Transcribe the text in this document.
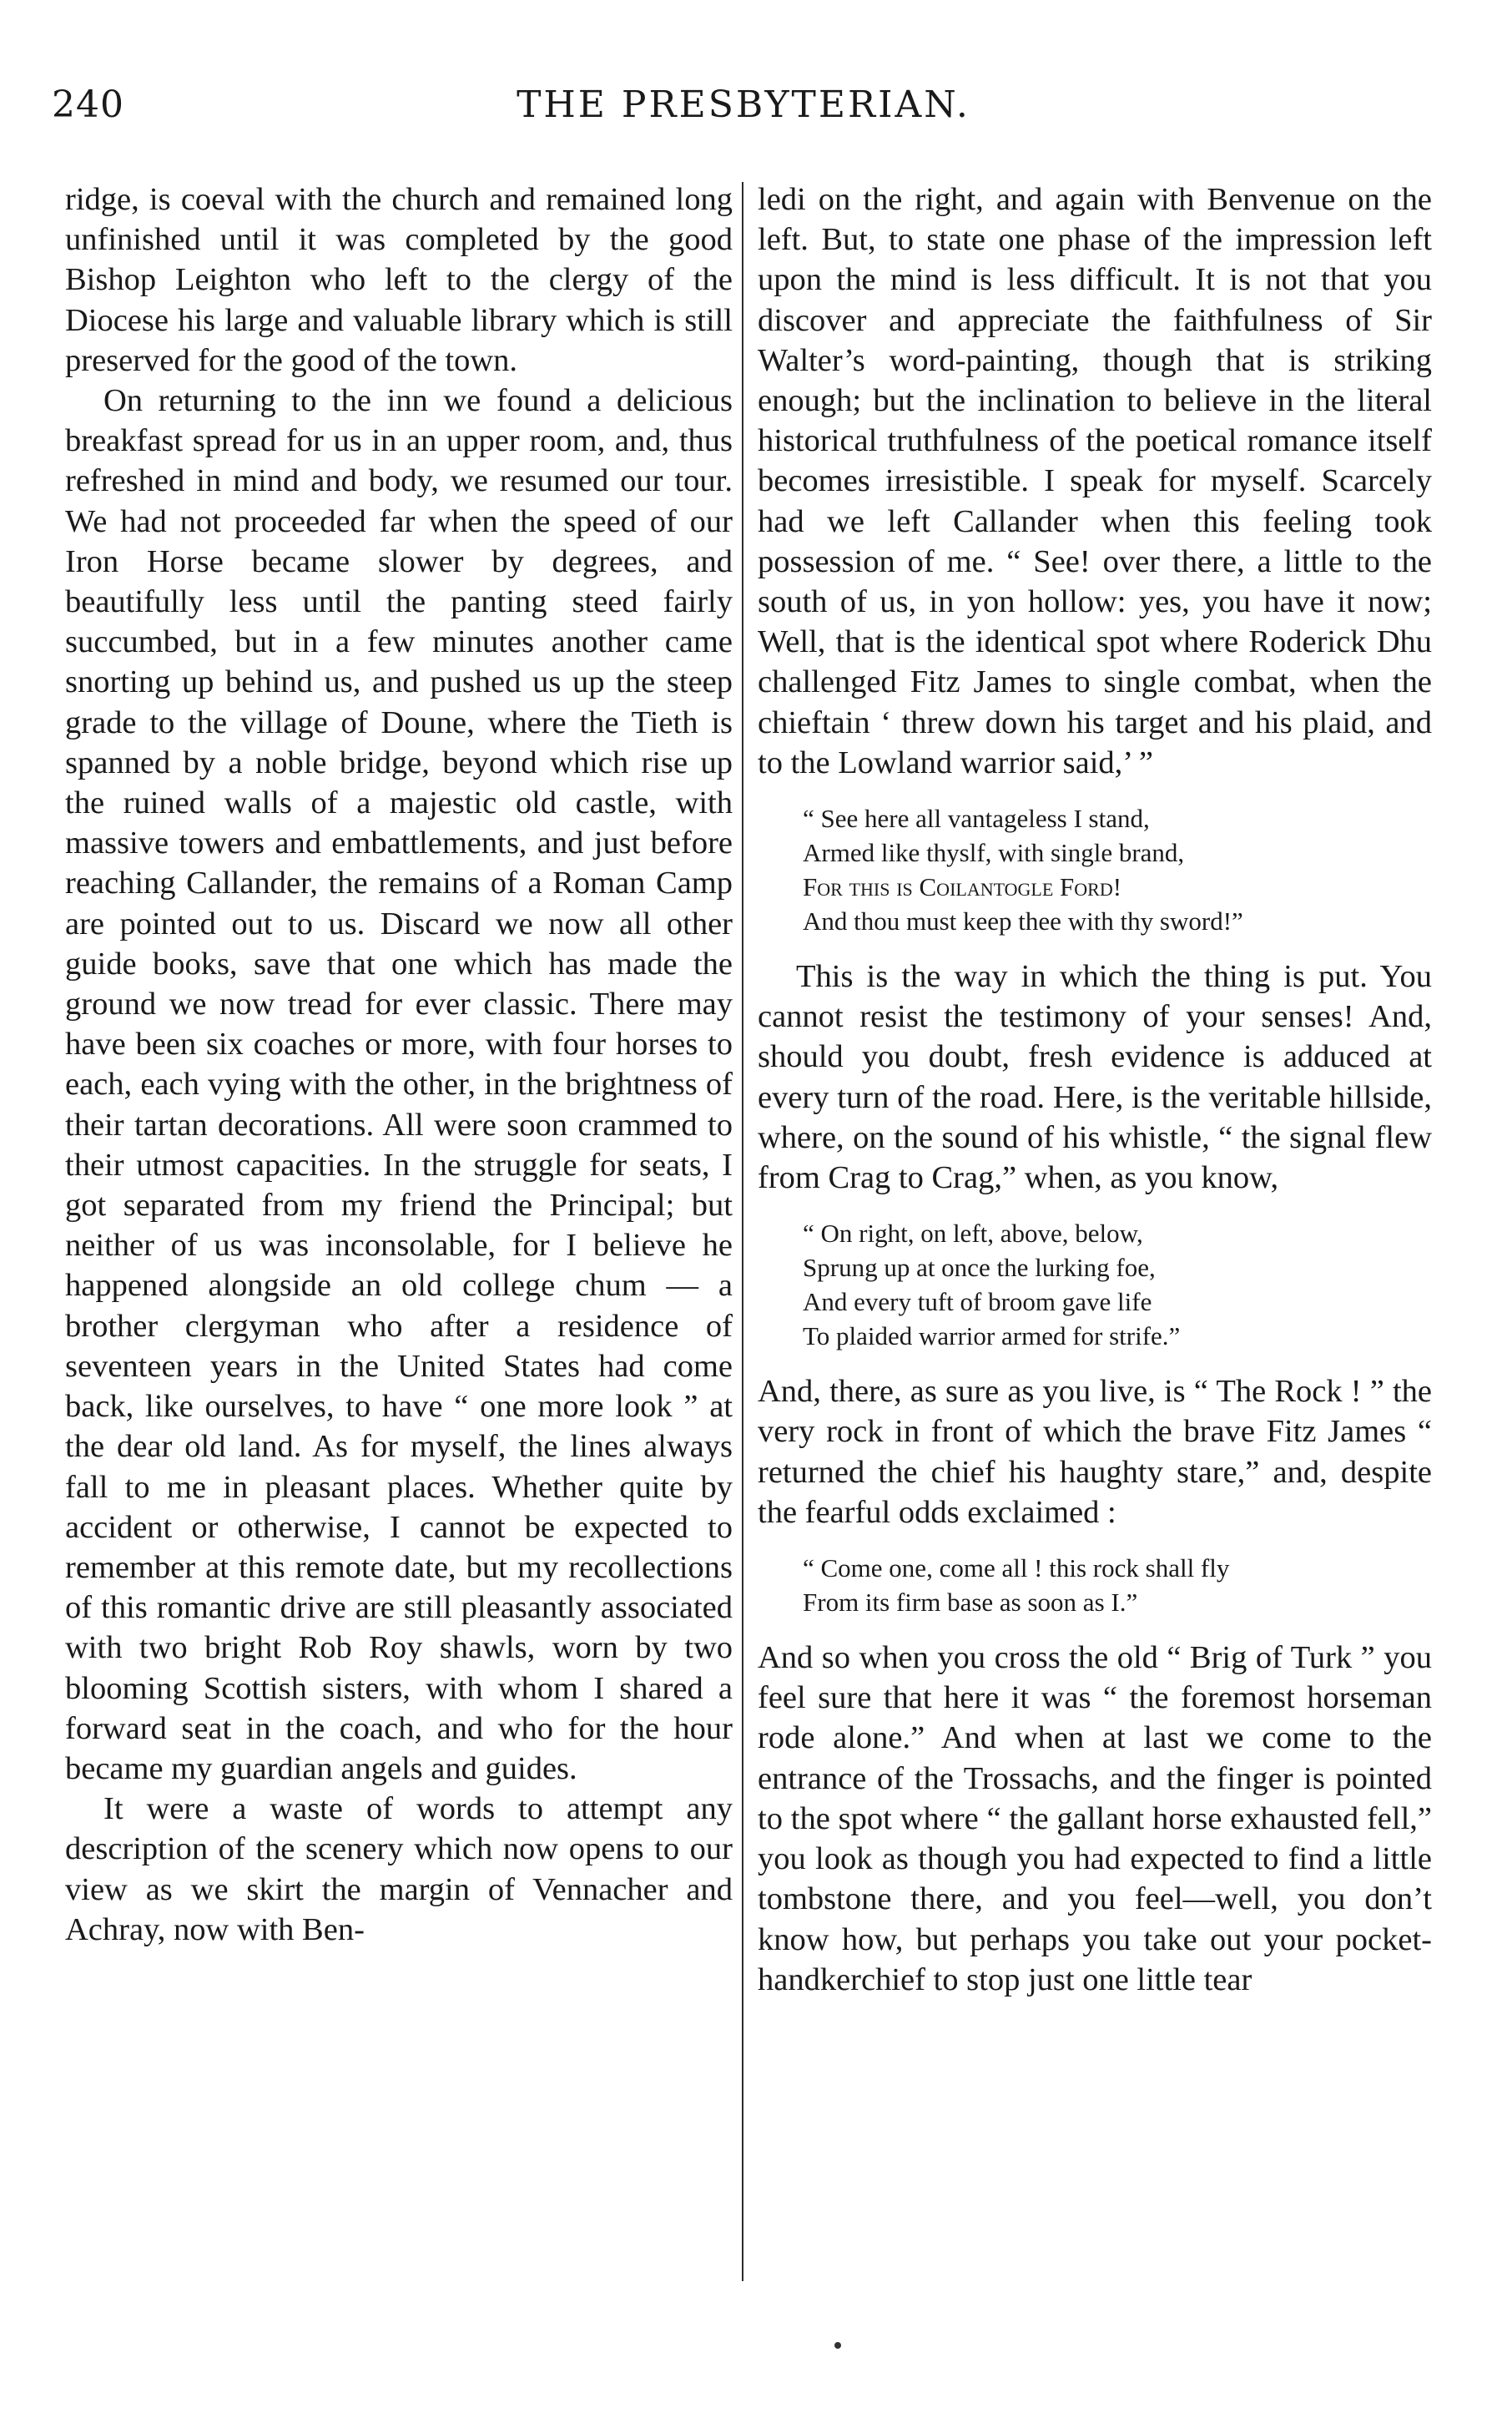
240	THE PRESBYTERIAN.

ridge, is coeval with the church and remained long unfinished until it was completed by the good Bishop Leighton who left to the clergy of the Diocese his large and valuable library which is still preserved for the good of the town.

On returning to the inn we found a delicious breakfast spread for us in an upper room, and, thus refreshed in mind and body, we resumed our tour. We had not proceeded far when the speed of our Iron Horse became slower by degrees, and beautifully less until the panting steed fairly succumbed, but in a few minutes another came snorting up behind us, and pushed us up the steep grade to the village of Doune, where the Tieth is spanned by a noble bridge, beyond which rise up the ruined walls of a majestic old castle, with massive towers and embattlements, and just before reaching Callander, the remains of a Roman Camp are pointed out to us. Discard we now all other guide books, save that one which has made the ground we now tread for ever classic. There may have been six coaches or more, with four horses to each, each vying with the other, in the brightness of their tartan decorations. All were soon crammed to their utmost capacities. In the struggle for seats, I got separated from my friend the Principal; but neither of us was inconsolable, for I believe he happened alongside an old college chum — a brother clergyman who after a residence of seventeen years in the United States had come back, like ourselves, to have “ one more look ” at the dear old land. As for myself, the lines always fall to me in pleasant places. Whether quite by accident or otherwise, I cannot be expected to remember at this remote date, but my recollections of this romantic drive are still pleasantly associated with two bright Rob Roy shawls, worn by two blooming Scottish sisters, with whom I shared a forward seat in the coach, and who for the hour became my guardian angels and guides.

It were a waste of words to attempt any description of the scenery which now opens to our view as we skirt the margin of Vennacher and Achray, now with Ben-

ledi on the right, and again with Benvenue on the left. But, to state one phase of the impression left upon the mind is less difficult. It is not that you discover and appreciate the faithfulness of Sir Walter’s word-painting, though that is striking enough; but the inclination to believe in the literal historical truthfulness of the poetical romance itself becomes irresistible. I speak for myself. Scarcely had we left Callander when this feeling took possession of me. “ See! over there, a little to the south of us, in yon hollow: yes, you have it now; Well, that is the identical spot where Roderick Dhu challenged Fitz James to single combat, when the chieftain ‘ threw down his target and his plaid, and to the Lowland warrior said,’ ”

“ See here all vantageless I stand,
Armed like thyslf, with single brand,
For this is Coilantogle Ford!
And thou must keep thee with thy sword!”

This is the way in which the thing is put. You cannot resist the testimony of your senses! And, should you doubt, fresh evidence is adduced at every turn of the road. Here, is the veritable hillside, where, on the sound of his whistle, “ the signal flew from Crag to Crag,” when, as you know,

“ On right, on left, above, below,
Sprung up at once the lurking foe,
And every tuft of broom gave life
To plaided warrior armed for strife.”

And, there, as sure as you live, is “ The Rock ! ” the very rock in front of which the brave Fitz James “ returned the chief his haughty stare,” and, despite the fearful odds exclaimed :

“ Come one, come all ! this rock shall fly
From its firm base as soon as I.”

And so when you cross the old “ Brig of Turk ” you feel sure that here it was “ the foremost horseman rode alone.” And when at last we come to the entrance of the Trossachs, and the finger is pointed to the spot where “ the gallant horse exhausted fell,” you look as though you had expected to find a little tombstone there, and you feel—well, you don’t know how, but perhaps you take out your pocket-handkerchief to stop just one little tear
